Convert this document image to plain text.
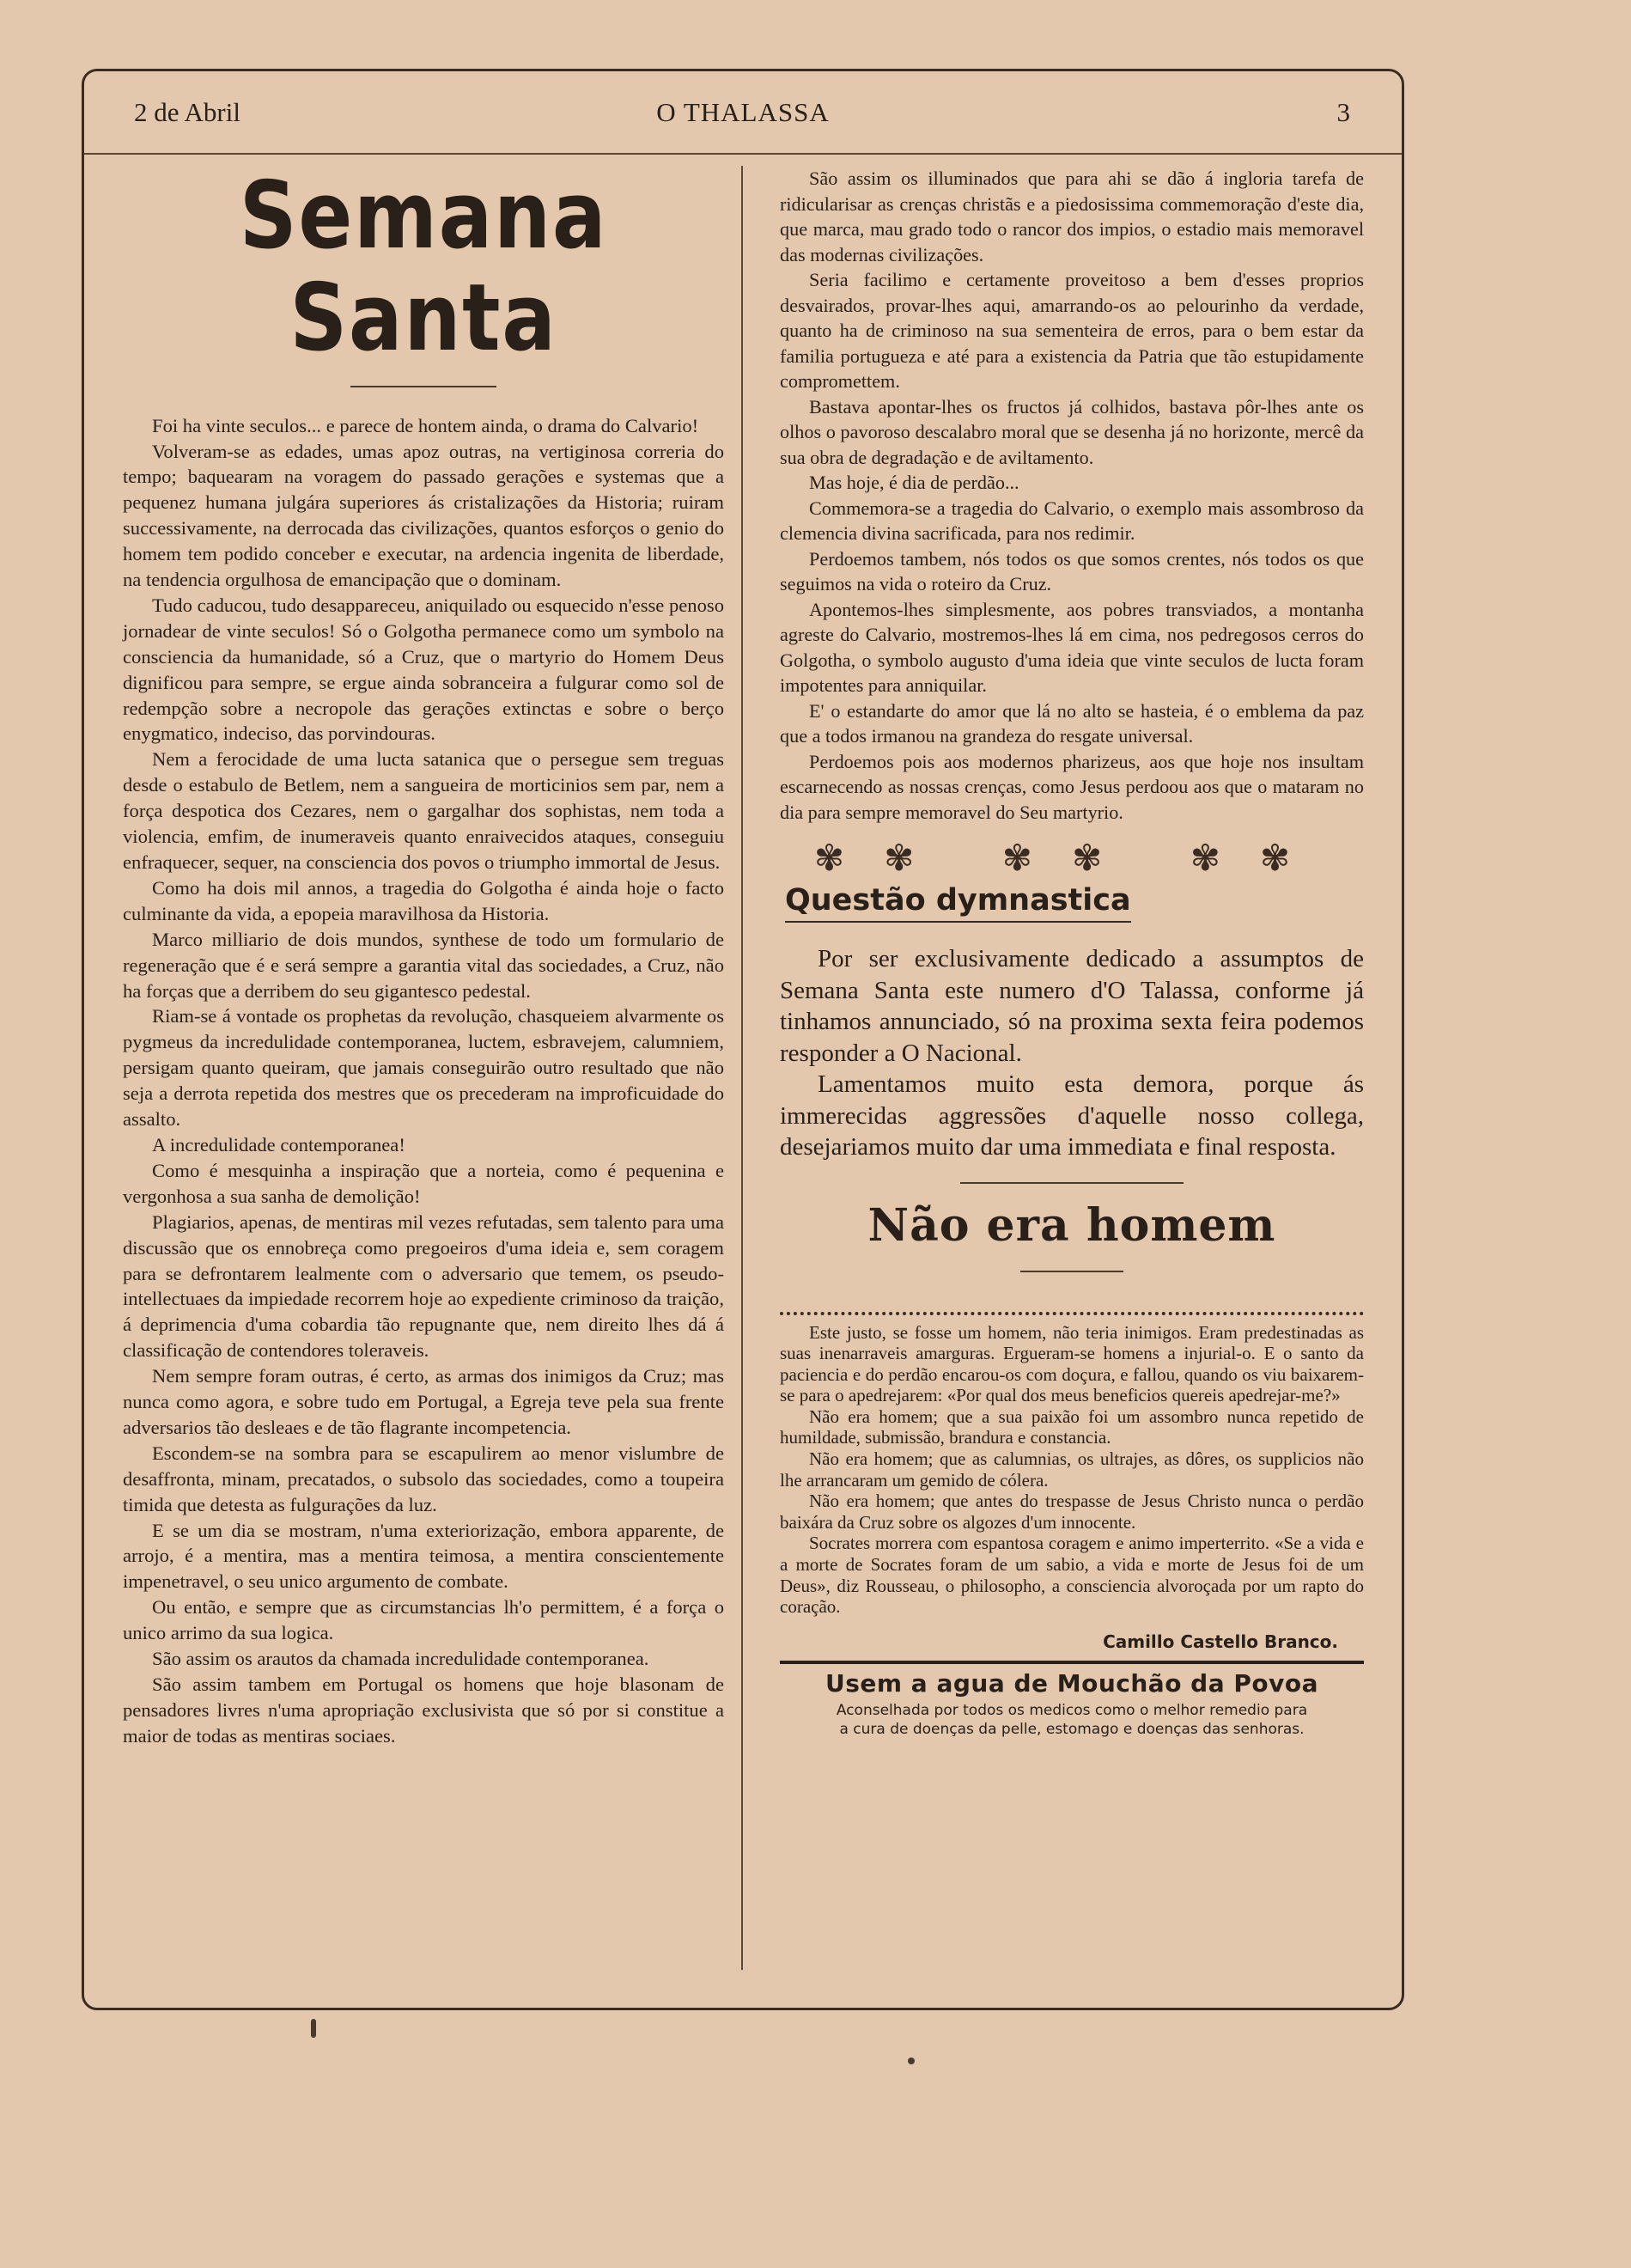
2 de Abril	O THALASSA	3
Semana Santa

Foi ha vinte seculos... e parece de hontem ainda, o drama do Calvario!

Volveram-se as edades, umas apoz outras, na vertiginosa correria do tempo; baquearam na voragem do passado gerações e systemas que a pequenez humana julgára superiores ás cristalizações da Historia; ruiram successivamente, na derrocada das civilizações, quantos esforços o genio do homem tem podido conceber e executar, na ardencia ingenita de liberdade, na tendencia orgulhosa de emancipação que o dominam.

Tudo caducou, tudo desappareceu, aniquilado ou esquecido n'esse penoso jornadear de vinte seculos! Só o Golgotha permanece como um symbolo na consciencia da humanidade, só a Cruz, que o martyrio do Homem Deus dignificou para sempre, se ergue ainda sobranceira a fulgurar como sol de redempção sobre a necropole das gerações extinctas e sobre o berço enygmatico, indeciso, das porvindouras.

Nem a ferocidade de uma lucta satanica que o persegue sem treguas desde o estabulo de Betlem, nem a sangueira de morticinios sem par, nem a força despotica dos Cezares, nem o gargalhar dos sophistas, nem toda a violencia, emfim, de inumeraveis quanto enraivecidos ataques, conseguiu enfraquecer, sequer, na consciencia dos povos o triumpho immortal de Jesus.

Como ha dois mil annos, a tragedia do Golgotha é ainda hoje o facto culminante da vida, a epopeia maravilhosa da Historia.

Marco milliario de dois mundos, synthese de todo um formulario de regeneração que é e será sempre a garantia vital das sociedades, a Cruz, não ha forças que a derribem do seu gigantesco pedestal.

Riam-se á vontade os prophetas da revolução, chasqueiem alvarmente os pygmeus da incredulidade contemporanea, luctem, esbravejem, calumniem, persigam quanto queiram, que jamais conseguirão outro resultado que não seja a derrota repetida dos mestres que os precederam na improficuidade do assalto.

A incredulidade contemporanea!

Como é mesquinha a inspiração que a norteia, como é pequenina e vergonhosa a sua sanha de demolição!

Plagiarios, apenas, de mentiras mil vezes refutadas, sem talento para uma discussão que os ennobreça como pregoeiros d'uma ideia e, sem coragem para se defrontarem lealmente com o adversario que temem, os pseudo-intellectuaes da impiedade recorrem hoje ao expediente criminoso da traição, á deprimencia d'uma cobardia tão repugnante que, nem direito lhes dá á classificação de contendores toleraveis.

Nem sempre foram outras, é certo, as armas dos inimigos da Cruz; mas nunca como agora, e sobre tudo em Portugal, a Egreja teve pela sua frente adversarios tão desleaes e de tão flagrante incompetencia.

Escondem-se na sombra para se escapulirem ao menor vislumbre de desaffronta, minam, precatados, o subsolo das sociedades, como a toupeira timida que detesta as fulgurações da luz.

E se um dia se mostram, n'uma exteriorização, embora apparente, de arrojo, é a mentira, mas a mentira teimosa, a mentira conscientemente impenetravel, o seu unico argumento de combate.

Ou então, e sempre que as circumstancias lh'o permittem, é a força o unico arrimo da sua logica.

São assim os arautos da chamada incredulidade contemporanea.

São assim tambem em Portugal os homens que hoje blasonam de pensadores livres n'uma apropriação exclusivista que só por si constitue a maior de todas as mentiras sociaes.

São assim os illuminados que para ahi se dão á ingloria tarefa de ridicularisar as crenças christãs e a piedosissima commemoração d'este dia, que marca, mau grado todo o rancor dos impios, o estadio mais memoravel das modernas civilizações.

Seria facilimo e certamente proveitoso a bem d'esses proprios desvairados, provar-lhes aqui, amarrando-os ao pelourinho da verdade, quanto ha de criminoso na sua sementeira de erros, para o bem estar da familia portugueza e até para a existencia da Patria que tão estupidamente compromettem.

Bastava apontar-lhes os fructos já colhidos, bastava pôr-lhes ante os olhos o pavoroso descalabro moral que se desenha já no horizonte, mercê da sua obra de degradação e de aviltamento.

Mas hoje, é dia de perdão...

Commemora-se a tragedia do Calvario, o exemplo mais assombroso da clemencia divina sacrificada, para nos redimir.

Perdoemos tambem, nós todos os que somos crentes, nós todos os que seguimos na vida o roteiro da Cruz.

Apontemos-lhes simplesmente, aos pobres transviados, a montanha agreste do Calvario, mostremos-lhes lá em cima, nos pedregosos cerros do Golgotha, o symbolo augusto d'uma ideia que vinte seculos de lucta foram impotentes para anniquilar.

E' o estandarte do amor que lá no alto se hasteia, é o emblema da paz que a todos irmanou na grandeza do resgate universal.

Perdoemos pois aos modernos pharizeus, aos que hoje nos insultam escarnecendo as nossas crenças, como Jesus perdoou aos que o mataram no dia para sempre memoravel do Seu martyrio.

✾✾ ✾✾ ✾✾
Questão dymnastica

Por ser exclusivamente dedicado a assumptos de Semana Santa este numero d'O Talassa, conforme já tinhamos annunciado, só na proxima sexta feira podemos responder a O Nacional.

Lamentamos muito esta demora, porque ás immerecidas aggressões d'aquelle nosso collega, desejariamos muito dar uma immediata e final resposta.

Não era homem

Este justo, se fosse um homem, não teria inimigos. Eram predestinadas as suas inenarraveis amarguras. Ergueram-se homens a injurial-o. E o santo da paciencia e do perdão encarou-os com doçura, e fallou, quando os viu baixarem-se para o apedrejarem: «Por qual dos meus beneficios quereis apedrejar-me?»

Não era homem; que a sua paixão foi um assombro nunca repetido de humildade, submissão, brandura e constancia.

Não era homem; que as calumnias, os ultrajes, as dôres, os supplicios não lhe arrancaram um gemido de cólera.

Não era homem; que antes do trespasse de Jesus Christo nunca o perdão baixára da Cruz sobre os algozes d'um innocente.

Socrates morrera com espantosa coragem e animo imperterrito. «Se a vida e a morte de Socrates foram de um sabio, a vida e morte de Jesus foi de um Deus», diz Rousseau, o philosopho, a consciencia alvoroçada por um rapto do coração.

Camillo Castello Branco.
Usem a agua de Mouchão da Povoa

Aconselhada por todos os medicos como o melhor remedio para

a cura de doenças da pelle, estomago e doenças das senhoras.
